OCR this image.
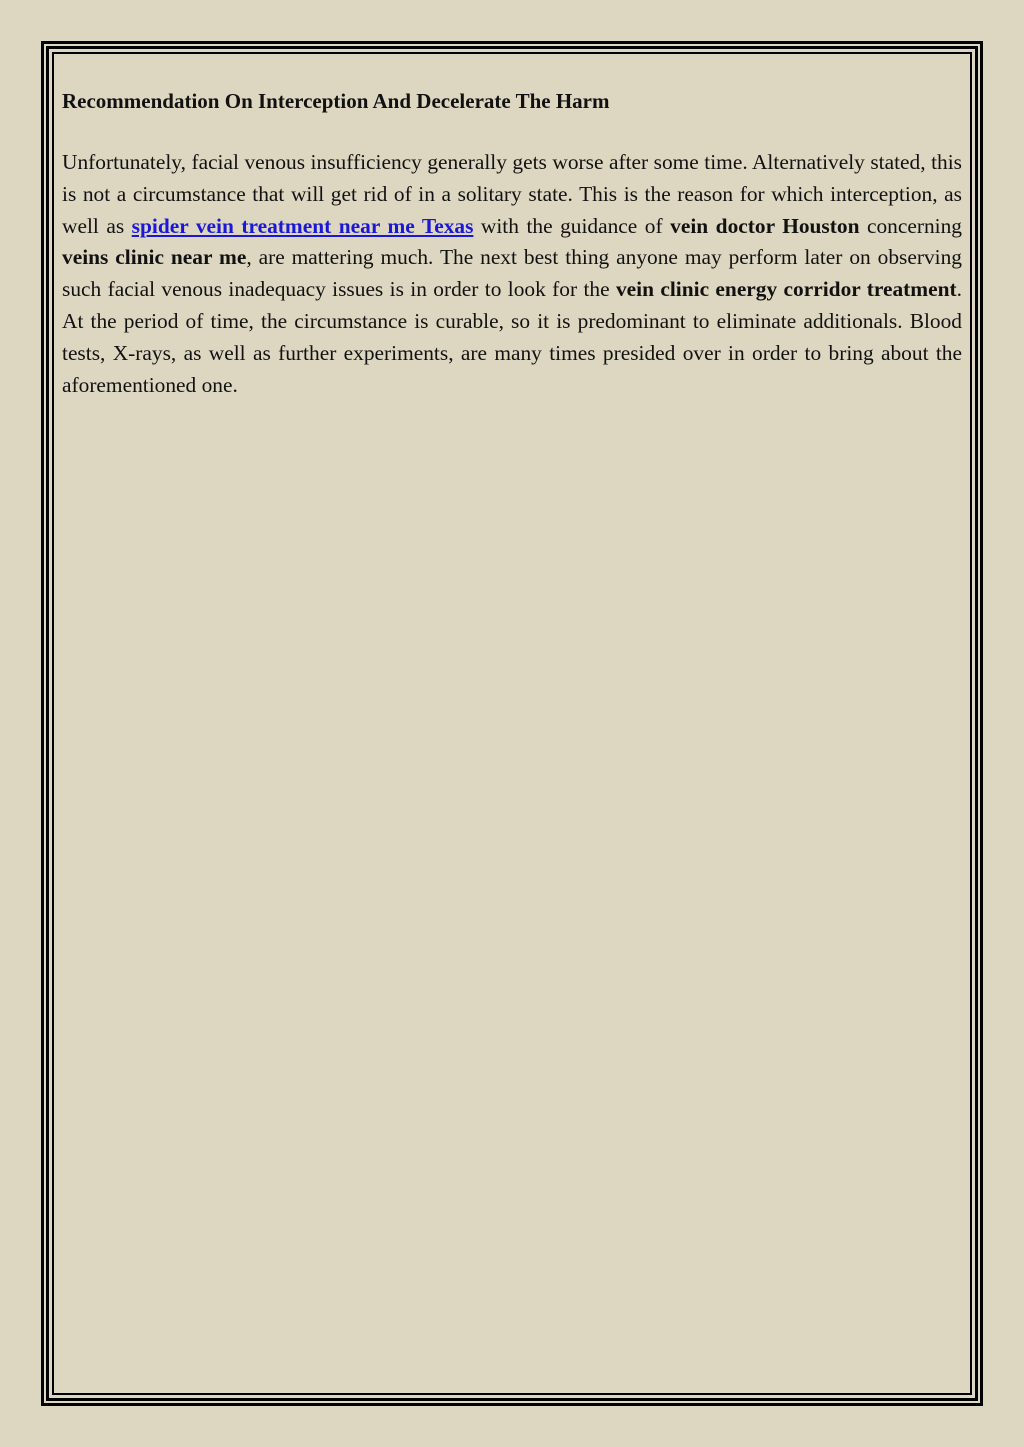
Recommendation On Interception And Decelerate The Harm

Unfortunately, facial venous insufficiency generally gets worse after some time. Alternatively stated, this is not a circumstance that will get rid of in a solitary state. This is the reason for which interception, as well as spider vein treatment near me Texas with the guidance of vein doctor Houston concerning veins clinic near me, are mattering much. The next best thing anyone may perform later on observing such facial venous inadequacy issues is in order to look for the vein clinic energy corridor treatment. At the period of time, the circumstance is curable, so it is predominant to eliminate additionals. Blood tests, X-rays, as well as further experiments, are many times presided over in order to bring about the aforementioned one.
